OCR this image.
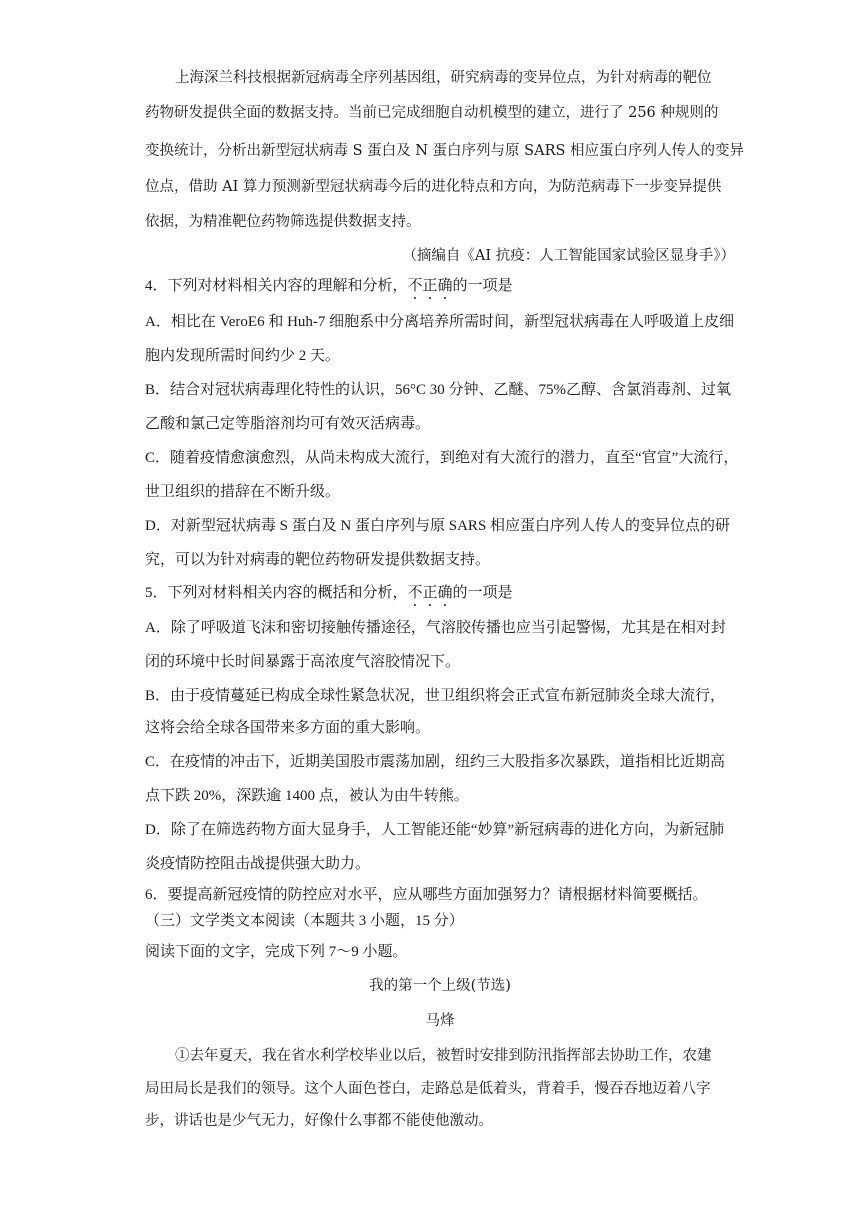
上海深兰科技根据新冠病毒全序列基因组，研究病毒的变异位点，为针对病毒的靶位
药物研发提供全面的数据支持。当前已完成细胞自动机模型的建立，进行了 256 种规则的
变换统计，分析出新型冠状病毒 S 蛋白及 N 蛋白序列与原 SARS 相应蛋白序列人传人的变异
位点，借助 AI 算力预测新型冠状病毒今后的进化特点和方向，为防范病毒下一步变异提供
依据，为精准靶位药物筛选提供数据支持。
（摘编自《AI 抗疫：人工智能国家试验区显身手》）
4．下列对材料相关内容的理解和分析，不正确的一项是
A．相比在 VeroE6 和 Huh-7 细胞系中分离培养所需时间，新型冠状病毒在人呼吸道上皮细
胞内发现所需时间约少 2 天。
B．结合对冠状病毒理化特性的认识，56°C 30 分钟、乙醚、75%乙醇、含氯消毒剂、过氧
乙酸和氯己定等脂溶剂均可有效灭活病毒。
C．随着疫情愈演愈烈，从尚未构成大流行，到绝对有大流行的潜力，直至“官宣”大流行，
世卫组织的措辞在不断升级。
D．对新型冠状病毒 S 蛋白及 N 蛋白序列与原 SARS 相应蛋白序列人传人的变异位点的研
究，可以为针对病毒的靶位药物研发提供数据支持。
5．下列对材料相关内容的概括和分析，不正确的一项是
A．除了呼吸道飞沫和密切接触传播途径，气溶胶传播也应当引起警惕，尤其是在相对封
闭的环境中长时间暴露于高浓度气溶胶情况下。
B．由于疫情蔓延已构成全球性紧急状况，世卫组织将会正式宣布新冠肺炎全球大流行，
这将会给全球各国带来多方面的重大影响。
C．在疫情的冲击下，近期美国股市震荡加剧，纽约三大股指多次暴跌，道指相比近期高
点下跌 20%，深跌逾 1400 点，被认为由牛转熊。
D．除了在筛选药物方面大显身手，人工智能还能“妙算”新冠病毒的进化方向，为新冠肺
炎疫情防控阻击战提供强大助力。
6．要提高新冠疫情的防控应对水平，应从哪些方面加强努力？请根据材料简要概括。
（三）文学类文本阅读（本题共 3 小题，15 分）
阅读下面的文字，完成下列 7～9 小题。
我的第一个上级(节选)
马烽
①去年夏天，我在省水利学校毕业以后，被暂时安排到防汛指挥部去协助工作，农建
局田局长是我们的领导。这个人面色苍白，走路总是低着头，背着手，慢吞吞地迈着八字
步，讲话也是少气无力，好像什么事都不能使他激动。
